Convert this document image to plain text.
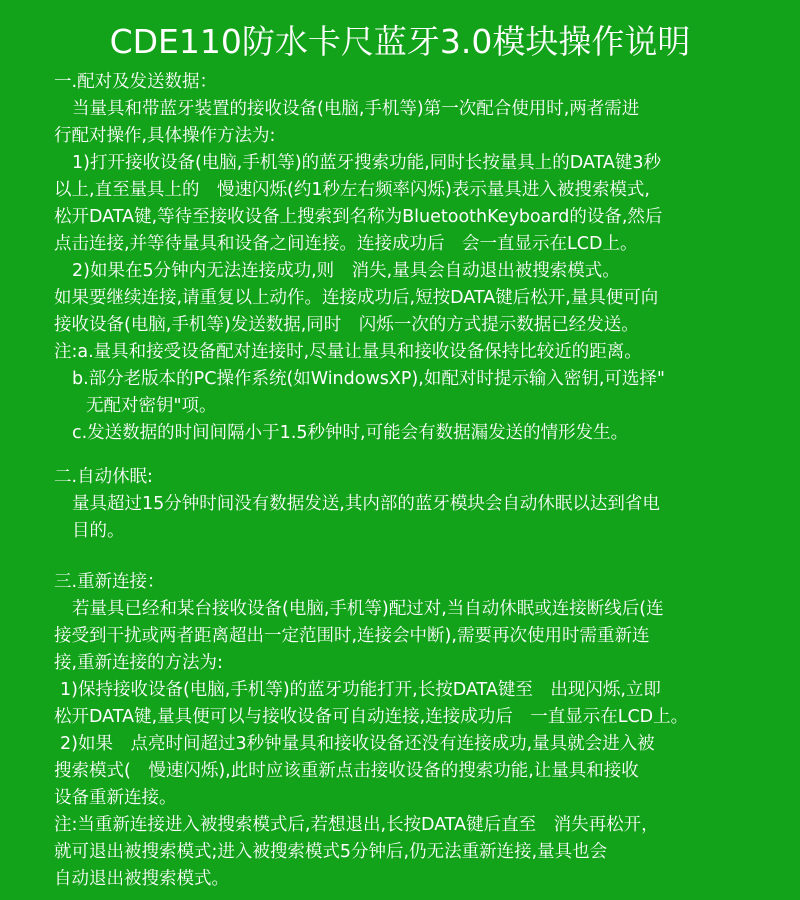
CDE110防水卡尺蓝牙3.0模块操作说明
一.配对及发送数据：
当量具和带蓝牙装置的接收设备(电脑,手机等)第一次配合使用时,两者需进
行配对操作,具体操作方法为:
1)打开接收设备(电脑,手机等)的蓝牙搜索功能,同时长按量具上的DATA键3秒
以上,直至量具上的　慢速闪烁(约1秒左右频率闪烁)表示量具进入被搜索模式,
松开DATA键,等待至接收设备上搜索到名称为BluetoothKeyboard的设备,然后
点击连接,并等待量具和设备之间连接。连接成功后　会一直显示在LCD上。
2)如果在5分钟内无法连接成功,则　消失,量具会自动退出被搜索模式。
如果要继续连接,请重复以上动作。连接成功后,短按DATA键后松开,量具便可向
接收设备(电脑,手机等)发送数据,同时　闪烁一次的方式提示数据已经发送。
注:a.量具和接受设备配对连接时,尽量让量具和接收设备保持比较近的距离。
b.部分老版本的PC操作系统(如WindowsXP),如配对时提示输入密钥,可选择"
无配对密钥"项。
c.发送数据的时间间隔小于1.5秒钟时,可能会有数据漏发送的情形发生。
二.自动休眠:
量具超过15分钟时间没有数据发送,其内部的蓝牙模块会自动休眠以达到省电
目的。
三.重新连接：
若量具已经和某台接收设备(电脑,手机等)配过对,当自动休眠或连接断线后(连
接受到干扰或两者距离超出一定范围时,连接会中断),需要再次使用时需重新连
接,重新连接的方法为:
1)保持接收设备(电脑,手机等)的蓝牙功能打开,长按DATA键至　出现闪烁,立即
松开DATA键,量具便可以与接收设备可自动连接,连接成功后　一直显示在LCD上。
2)如果　点亮时间超过3秒钟量具和接收设备还没有连接成功,量具就会进入被
搜索模式(　慢速闪烁),此时应该重新点击接收设备的搜索功能,让量具和接收
设备重新连接。
注:当重新连接进入被搜索模式后,若想退出,长按DATA键后直至　消失再松开，
就可退出被搜索模式;进入被搜索模式5分钟后,仍无法重新连接,量具也会
自动退出被搜索模式。
